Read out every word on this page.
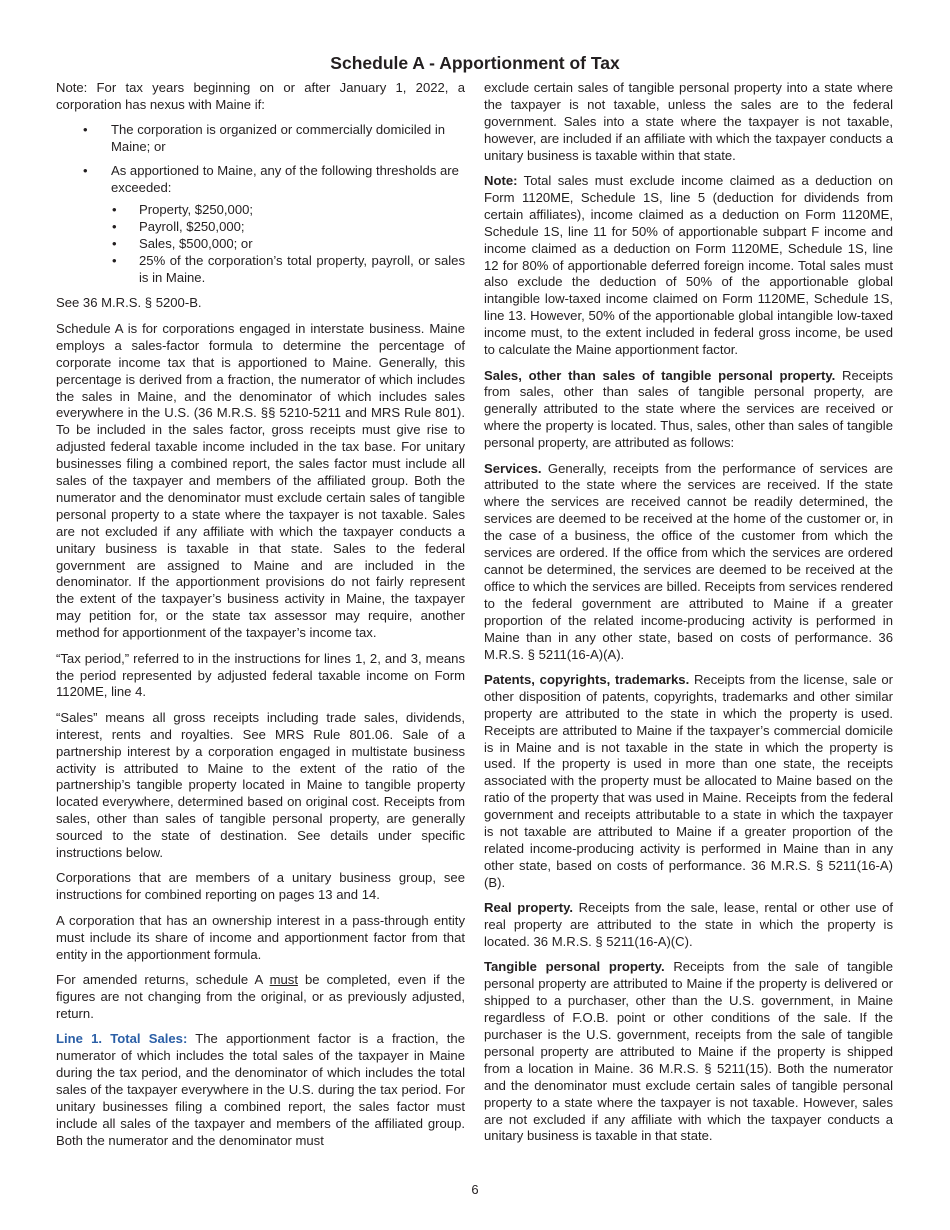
Schedule A - Apportionment of Tax

Note: For tax years beginning on or after January 1, 2022, a corporation has nexus with Maine if:

• The corporation is organized or commercially domiciled in Maine; or
• As apportioned to Maine, any of the following thresholds are exceeded:
• Property, $250,000;
• Payroll, $250,000;
• Sales, $500,000; or
• 25% of the corporation’s total property, payroll, or sales is in Maine.

See 36 M.R.S. § 5200-B.

Schedule A is for corporations engaged in interstate business. Maine employs a sales-factor formula to determine the percentage of corporate income tax that is apportioned to Maine. Generally, this percentage is derived from a fraction, the numerator of which includes the sales in Maine, and the denominator of which includes sales everywhere in the U.S. (36 M.R.S. §§ 5210-5211 and MRS Rule 801). To be included in the sales factor, gross receipts must give rise to adjusted federal taxable income included in the tax base. For unitary businesses filing a combined report, the sales factor must include all sales of the taxpayer and members of the affiliated group. Both the numerator and the denominator must exclude certain sales of tangible personal property to a state where the taxpayer is not taxable. Sales are not excluded if any affiliate with which the taxpayer conducts a unitary business is taxable in that state. Sales to the federal government are assigned to Maine and are included in the denominator. If the apportionment provisions do not fairly represent the extent of the taxpayer’s business activity in Maine, the taxpayer may petition for, or the state tax assessor may require, another method for apportionment of the taxpayer’s income tax.

“Tax period,” referred to in the instructions for lines 1, 2, and 3, means the period represented by adjusted federal taxable income on Form 1120ME, line 4.

“Sales” means all gross receipts including trade sales, dividends, interest, rents and royalties. See MRS Rule 801.06. Sale of a partnership interest by a corporation engaged in multistate business activity is attributed to Maine to the extent of the ratio of the partnership’s tangible property located in Maine to tangible property located everywhere, determined based on original cost. Receipts from sales, other than sales of tangible personal property, are generally sourced to the state of destination. See details under specific instructions below.

Corporations that are members of a unitary business group, see instructions for combined reporting on pages 13 and 14.

A corporation that has an ownership interest in a pass-through entity must include its share of income and apportionment factor from that entity in the apportionment formula.

For amended returns, schedule A must be completed, even if the figures are not changing from the original, or as previously adjusted, return.

Line 1. Total Sales: The apportionment factor is a fraction, the numerator of which includes the total sales of the taxpayer in Maine during the tax period, and the denominator of which includes the total sales of the taxpayer everywhere in the U.S. during the tax period. For unitary businesses filing a combined report, the sales factor must include all sales of the taxpayer and members of the affiliated group. Both the numerator and the denominator must

exclude certain sales of tangible personal property into a state where the taxpayer is not taxable, unless the sales are to the federal government. Sales into a state where the taxpayer is not taxable, however, are included if an affiliate with which the taxpayer conducts a unitary business is taxable within that state.

Note: Total sales must exclude income claimed as a deduction on Form 1120ME, Schedule 1S, line 5 (deduction for dividends from certain affiliates), income claimed as a deduction on Form 1120ME, Schedule 1S, line 11 for 50% of apportionable subpart F income and income claimed as a deduction on Form 1120ME, Schedule 1S, line 12 for 80% of apportionable deferred foreign income. Total sales must also exclude the deduction of 50% of the apportionable global intangible low-taxed income claimed on Form 1120ME, Schedule 1S, line 13. However, 50% of the apportionable global intangible low-taxed income must, to the extent included in federal gross income, be used to calculate the Maine apportionment factor.

Sales, other than sales of tangible personal property. Receipts from sales, other than sales of tangible personal property, are generally attributed to the state where the services are received or where the property is located. Thus, sales, other than sales of tangible personal property, are attributed as follows:

Services. Generally, receipts from the performance of services are attributed to the state where the services are received. If the state where the services are received cannot be readily determined, the services are deemed to be received at the home of the customer or, in the case of a business, the office of the customer from which the services are ordered. If the office from which the services are ordered cannot be determined, the services are deemed to be received at the office to which the services are billed. Receipts from services rendered to the federal government are attributed to Maine if a greater proportion of the related income-producing activity is performed in Maine than in any other state, based on costs of performance. 36 M.R.S. § 5211(16-A)(A).

Patents, copyrights, trademarks. Receipts from the license, sale or other disposition of patents, copyrights, trademarks and other similar property are attributed to the state in which the property is used. Receipts are attributed to Maine if the taxpayer’s commercial domicile is in Maine and is not taxable in the state in which the property is used. If the property is used in more than one state, the receipts associated with the property must be allocated to Maine based on the ratio of the property that was used in Maine. Receipts from the federal government and receipts attributable to a state in which the taxpayer is not taxable are attributed to Maine if a greater proportion of the related income-producing activity is performed in Maine than in any other state, based on costs of performance. 36 M.R.S. § 5211(16-A)(B).

Real property. Receipts from the sale, lease, rental or other use of real property are attributed to the state in which the property is located. 36 M.R.S. § 5211(16-A)(C).

Tangible personal property. Receipts from the sale of tangible personal property are attributed to Maine if the property is delivered or shipped to a purchaser, other than the U.S. government, in Maine regardless of F.O.B. point or other conditions of the sale. If the purchaser is the U.S. government, receipts from the sale of tangible personal property are attributed to Maine if the property is shipped from a location in Maine. 36 M.R.S. § 5211(15). Both the numerator and the denominator must exclude certain sales of tangible personal property to a state where the taxpayer is not taxable. However, sales are not excluded if any affiliate with which the taxpayer conducts a unitary business is taxable in that state.

6
